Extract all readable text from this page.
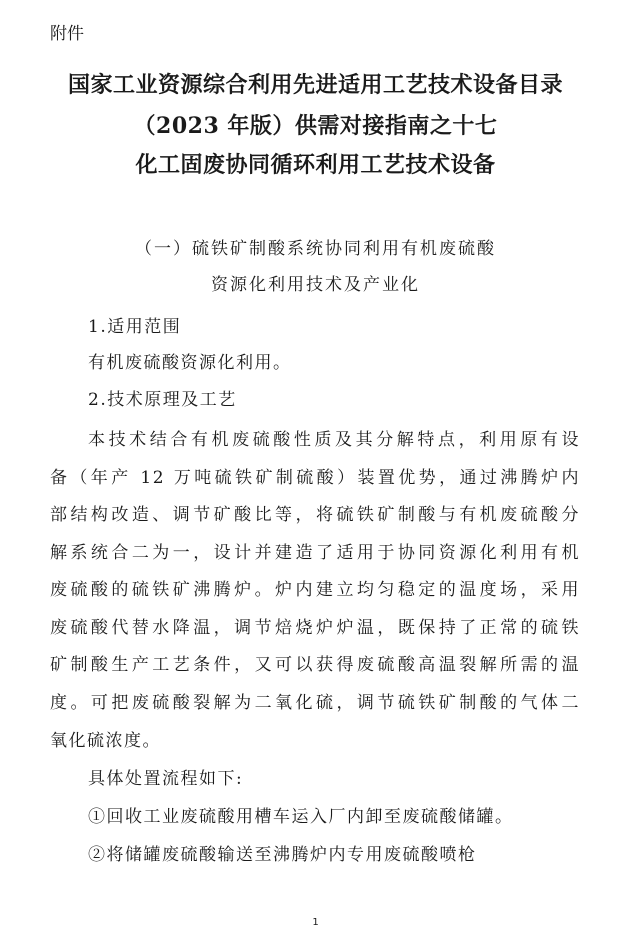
附件
国家工业资源综合利用先进适用工艺技术设备目录
（2023 年版）供需对接指南之十七
化工固废协同循环利用工艺技术设备
（一）硫铁矿制酸系统协同利用有机废硫酸
资源化利用技术及产业化
1.适用范围
有机废硫酸资源化利用。
2.技术原理及工艺
本技术结合有机废硫酸性质及其分解特点，利用原有设
备（年产 12 万吨硫铁矿制硫酸）装置优势，通过沸腾炉内
部结构改造、调节矿酸比等，将硫铁矿制酸与有机废硫酸分
解系统合二为一，设计并建造了适用于协同资源化利用有机
废硫酸的硫铁矿沸腾炉。炉内建立均匀稳定的温度场，采用
废硫酸代替水降温，调节焙烧炉炉温，既保持了正常的硫铁
矿制酸生产工艺条件，又可以获得废硫酸高温裂解所需的温
度。可把废硫酸裂解为二氧化硫，调节硫铁矿制酸的气体二
氧化硫浓度。
具体处置流程如下:
①回收工业废硫酸用槽车运入厂内卸至废硫酸储罐。
②将储罐废硫酸输送至沸腾炉内专用废硫酸喷枪
1
